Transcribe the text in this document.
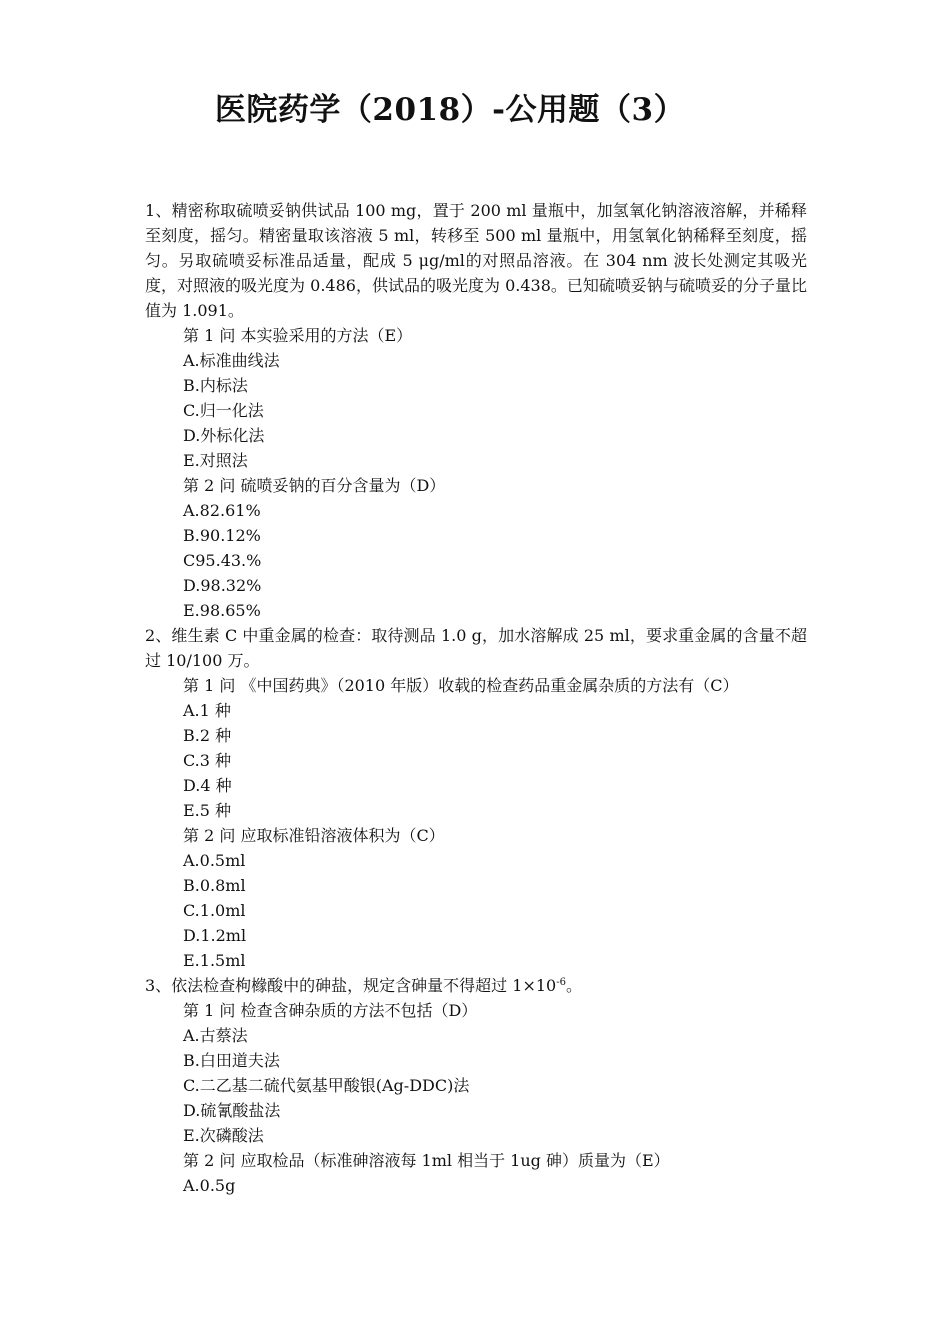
医院药学（2018）-公用题（3）

1、精密称取硫喷妥钠供试品 100 mg，置于 200 ml 量瓶中，加氢氧化钠溶液溶解，并稀释至刻度，摇匀。精密量取该溶液 5 ml，转移至 500 ml 量瓶中，用氢氧化钠稀释至刻度，摇匀。另取硫喷妥标准品适量，配成 5 μg/ml的对照品溶液。在 304 nm 波长处测定其吸光度，对照液的吸光度为 0.486，供试品的吸光度为 0.438。已知硫喷妥钠与硫喷妥的分子量比值为 1.091。

第 1 问 本实验采用的方法（E）

A.标准曲线法

B.内标法

C.归一化法

D.外标化法

E.对照法

第 2 问 硫喷妥钠的百分含量为（D）

A.82.61%

B.90.12%

C95.43.%

D.98.32%

E.98.65%

2、维生素 C 中重金属的检查：取待测品 1.0 g，加水溶解成 25 ml，要求重金属的含量不超过 10/100 万。

第 1 问 《中国药典》（2010 年版）收载的检查药品重金属杂质的方法有（C）

A.1 种

B.2 种

C.3 种

D.4 种

E.5 种

第 2 问 应取标准铅溶液体积为（C）

A.0.5ml

B.0.8ml

C.1.0ml

D.1.2ml

E.1.5ml

3、依法检查枸橼酸中的砷盐，规定含砷量不得超过 $1\times 10^{-6}$。

第 1 问 检查含砷杂质的方法不包括（D）

A.古蔡法

B.白田道夫法

C.二乙基二硫代氨基甲酸银(Ag-DDC)法

D.硫氰酸盐法

E.次磷酸法

第 2 问 应取检品（标准砷溶液每 1ml 相当于 1ug 砷）质量为（E）

A.0.5g
